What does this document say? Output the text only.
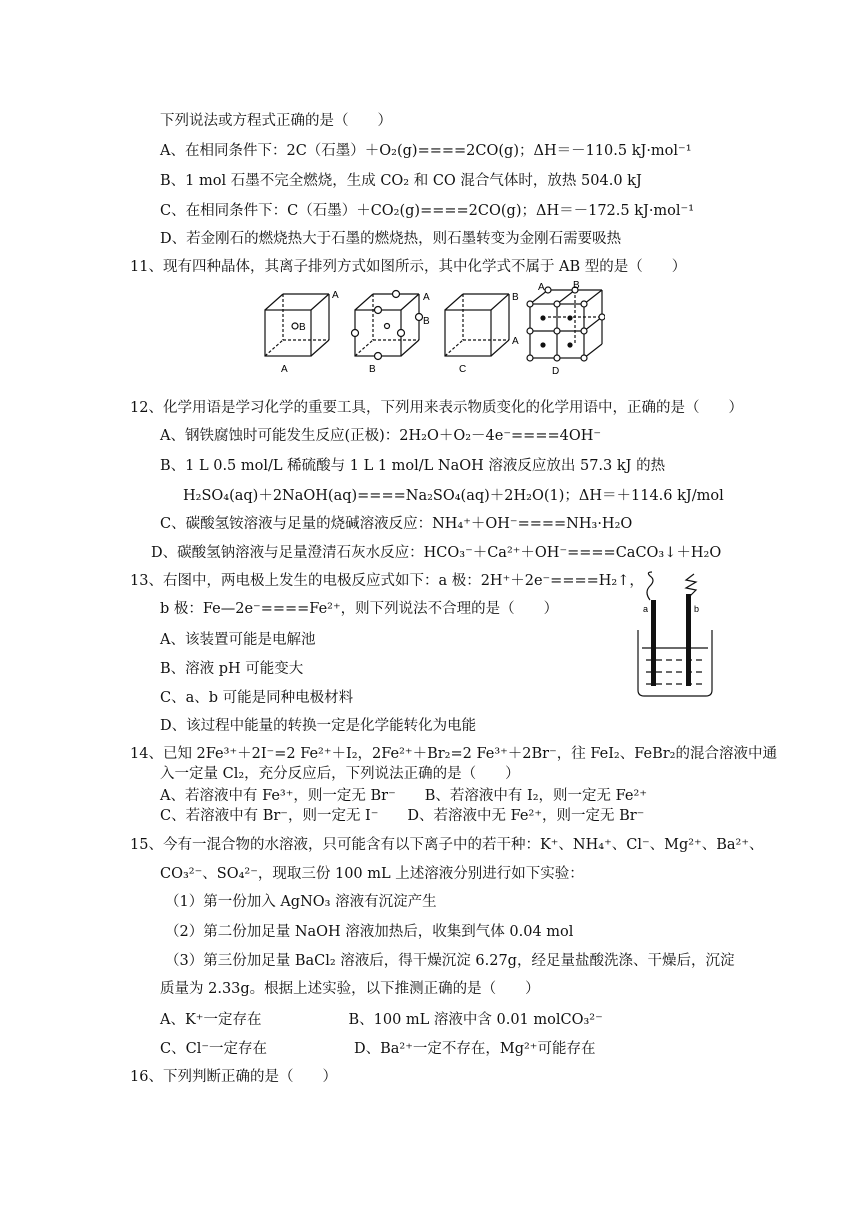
下列说法或方程式正确的是（　　）
A、在相同条件下：2C（石墨）＋O₂(g)====2CO(g)；ΔH＝－110.5 kJ·mol⁻¹
B、1 mol 石墨不完全燃烧，生成 CO₂ 和 CO 混合气体时，放热 504.0 kJ
C、在相同条件下：C（石墨）＋CO₂(g)====2CO(g)；ΔH＝－172.5 kJ·mol⁻¹
D、若金刚石的燃烧热大于石墨的燃烧热，则石墨转变为金刚石需要吸热
11、现有四种晶体，其离子排列方式如图所示，其中化学式不属于 AB 型的是（　　）
A
B
A
A
B
B
B
A
C
A	B
D
12、化学用语是学习化学的重要工具，下列用来表示物质变化的化学用语中，正确的是（　　）
A、钢铁腐蚀时可能发生反应(正极)：2H₂O＋O₂－4e⁻====4OH⁻
B、1 L 0.5 mol/L 稀硫酸与 1 L 1 mol/L NaOH 溶液反应放出 57.3 kJ 的热
H₂SO₄(aq)＋2NaOH(aq)====Na₂SO₄(aq)＋2H₂O(1)；ΔH＝＋114.6 kJ/mol
C、碳酸氢铵溶液与足量的烧碱溶液反应：NH₄⁺＋OH⁻====NH₃·H₂O
D、碳酸氢钠溶液与足量澄清石灰水反应：HCO₃⁻＋Ca²⁺＋OH⁻====CaCO₃↓＋H₂O
13、右图中，两电极上发生的电极反应式如下：a 极：2H⁺＋2e⁻====H₂↑，
b 极：Fe—2e⁻====Fe²⁺，则下列说法不合理的是（　　）
A、该装置可能是电解池
B、溶液 pH 可能变大
C、a、b 可能是同种电极材料
D、该过程中能量的转换一定是化学能转化为电能
a	b
14、已知 2Fe³⁺＋2I⁻=2 Fe²⁺＋I₂，2Fe²⁺＋Br₂=2 Fe³⁺＋2Br⁻，往 FeI₂、FeBr₂的混合溶液中通
入一定量 Cl₂，充分反应后，下列说法正确的是（　　）
A、若溶液中有 Fe³⁺，则一定无 Br⁻　　B、若溶液中有 I₂，则一定无 Fe²⁺
C、若溶液中有 Br⁻，则一定无 I⁻　　D、若溶液中无 Fe²⁺，则一定无 Br⁻
15、今有一混合物的水溶液，只可能含有以下离子中的若干种：K⁺、NH₄⁺、Cl⁻、Mg²⁺、Ba²⁺、
CO₃²⁻、SO₄²⁻，现取三份 100 mL 上述溶液分别进行如下实验：
（1）第一份加入 AgNO₃ 溶液有沉淀产生
（2）第二份加足量 NaOH 溶液加热后，收集到气体 0.04 mol
（3）第三份加足量 BaCl₂ 溶液后，得干燥沉淀 6.27g，经足量盐酸洗涤、干燥后，沉淀
质量为 2.33g。根据上述实验，以下推测正确的是（　　）
A、K⁺一定存在　　　　　　B、100 mL 溶液中含 0.01 molCO₃²⁻
C、Cl⁻一定存在　　　　　　D、Ba²⁺一定不存在，Mg²⁺可能存在
16、下列判断正确的是（　　）
